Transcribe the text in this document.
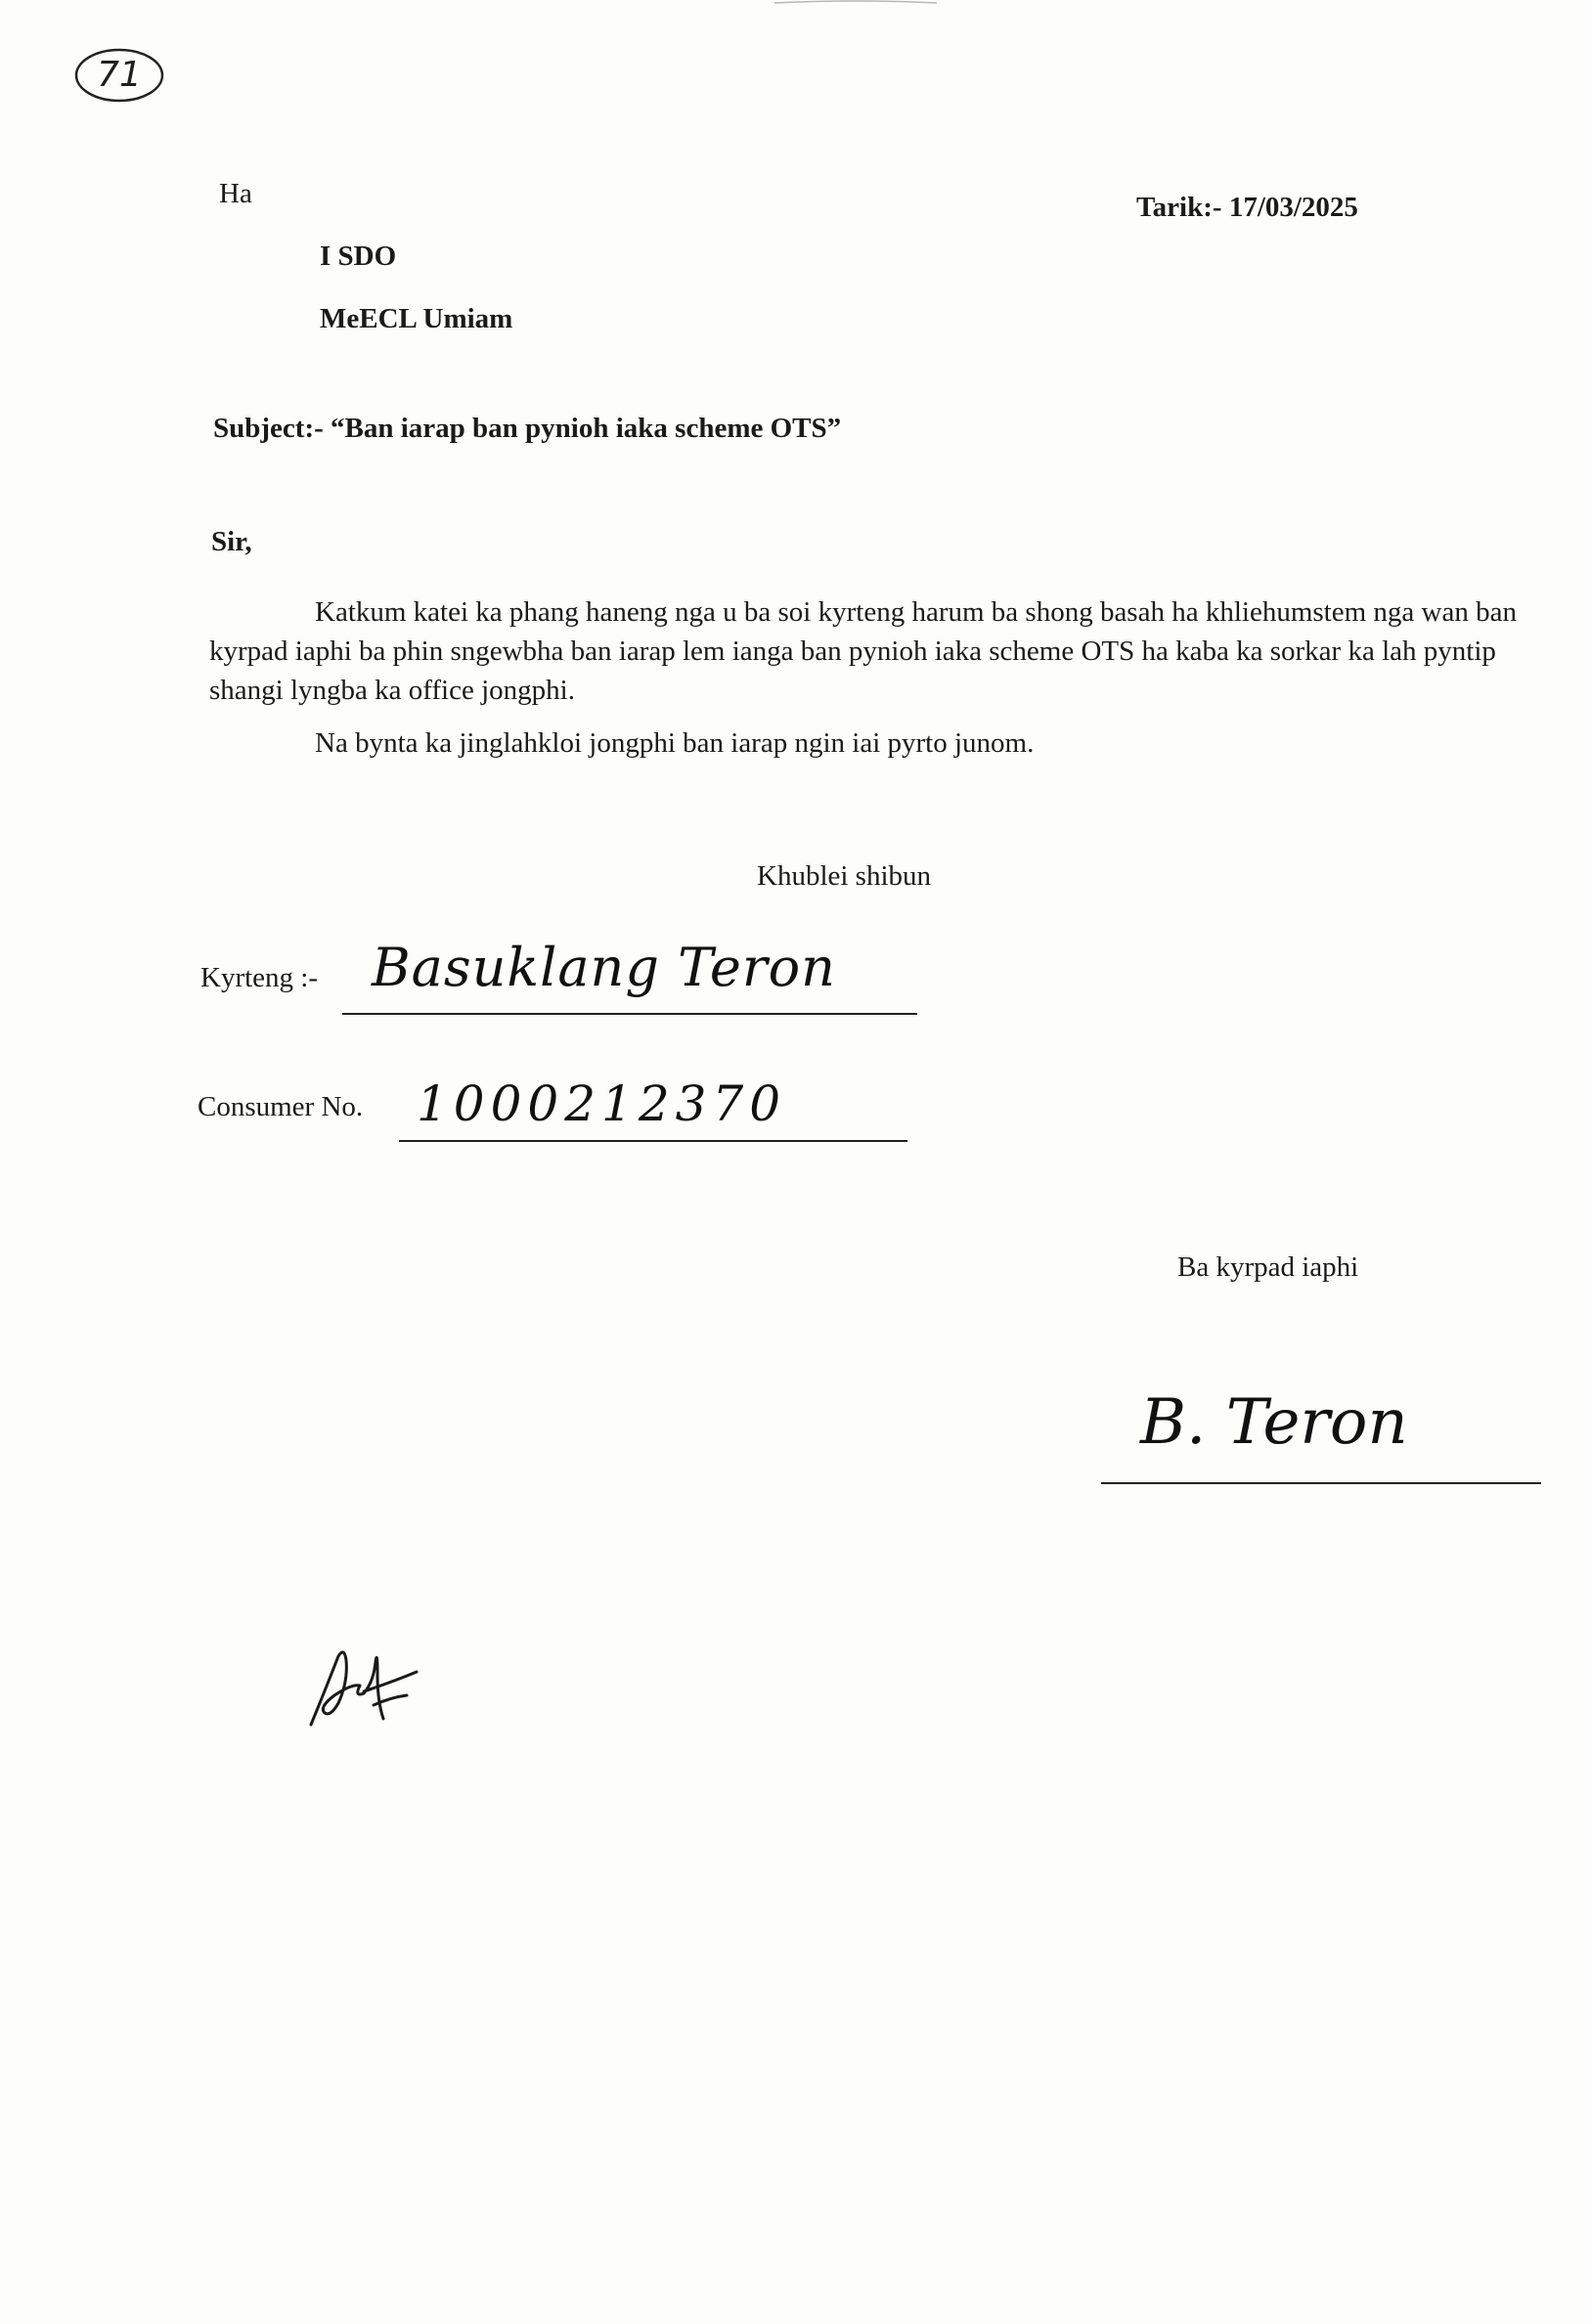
71
Ha
I SDO
MeECL Umiam
Tarik:- 17/03/2025
Subject:- “Ban iarap ban pynioh iaka scheme OTS”
Sir,
Katkum katei ka phang haneng nga u ba soi kyrteng harum ba shong basah ha khliehumstem nga wan ban kyrpad iaphi ba phin sngewbha ban iarap lem ianga ban pynioh iaka scheme OTS ha kaba ka sorkar ka lah pyntip shangi lyngba ka office jongphi.
Na bynta ka jinglahkloi jongphi ban iarap ngin iai pyrto junom.
Khublei shibun
Kyrteng :- Basuklang Teron
Consumer No. 1000212370
Ba kyrpad iaphi
B. Teron
